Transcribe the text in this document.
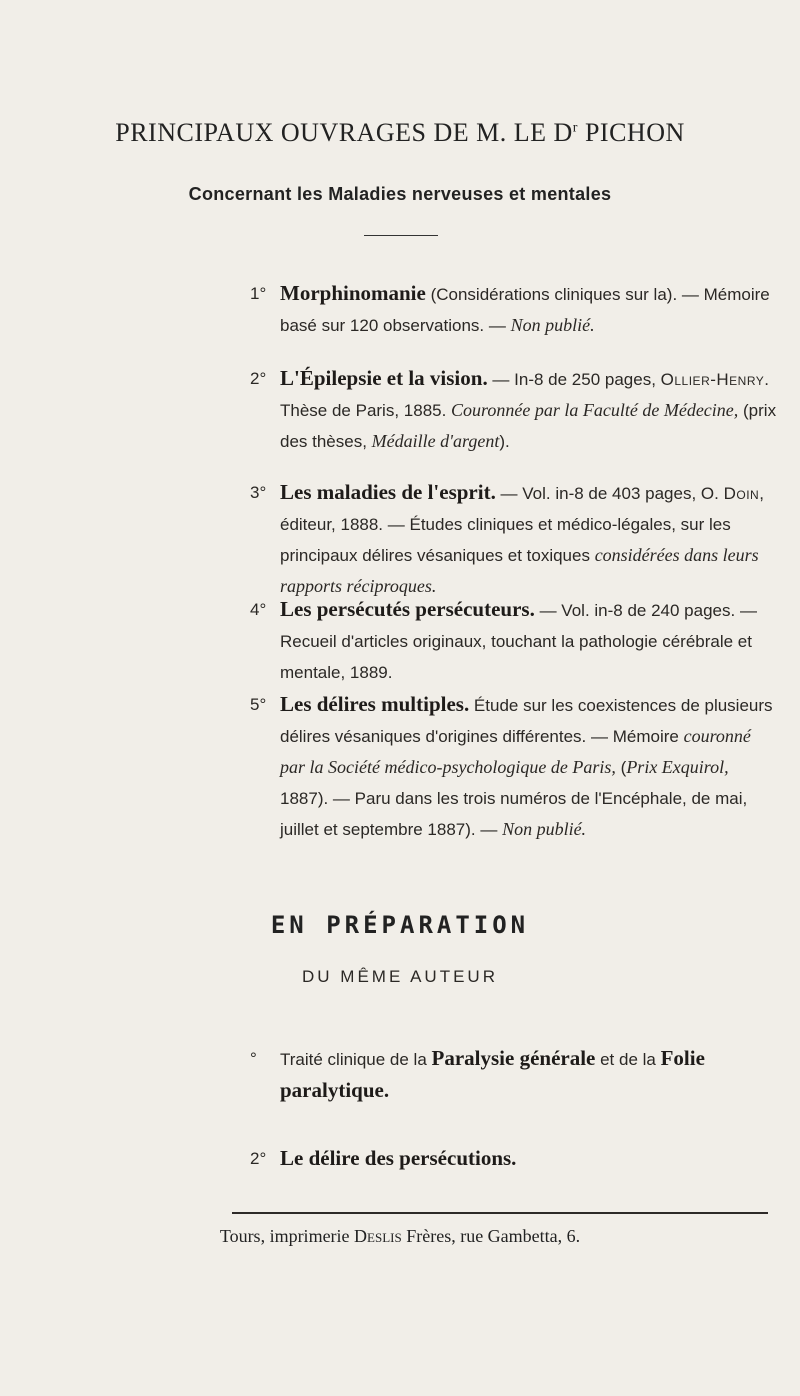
PRINCIPAUX OUVRAGES DE M. LE $D^r$ PICHON
Concernant les Maladies nerveuses et mentales
1° Morphinomanie (Considérations cliniques sur la). — Mémoire basé sur 120 observations. — Non publié.
2° L'Épilepsie et la vision. — In-8 de 250 pages, Ollier-Henry. Thèse de Paris, 1885. Couronnée par la Faculté de Médecine, (prix des thèses, Médaille d'argent).
3° Les maladies de l'esprit. — Vol. in-8 de 403 pages, O. Doin, éditeur, 1888. — Études cliniques et médico-légales, sur les principaux délires vésaniques et toxiques considérées dans leurs rapports réciproques.
4° Les persécutés persécuteurs. — Vol. in-8 de 240 pages. — Recueil d'articles originaux, touchant la pathologie cérébrale et mentale, 1889.
5° Les délires multiples. Étude sur les coexistences de plusieurs délires vésaniques d'origines différentes. — Mémoire couronné par la Société médico-psychologique de Paris, (Prix Exquirol, 1887). — Paru dans les trois numéros de l'Encéphale, de mai, juillet et septembre 1887). — Non publié.
EN PRÉPARATION
DU MÊME AUTEUR
° Traité clinique de la Paralysie générale et de la Folie paralytique.
2° Le délire des persécutions.
Tours, imprimerie Deslis Frères, rue Gambetta, 6.
